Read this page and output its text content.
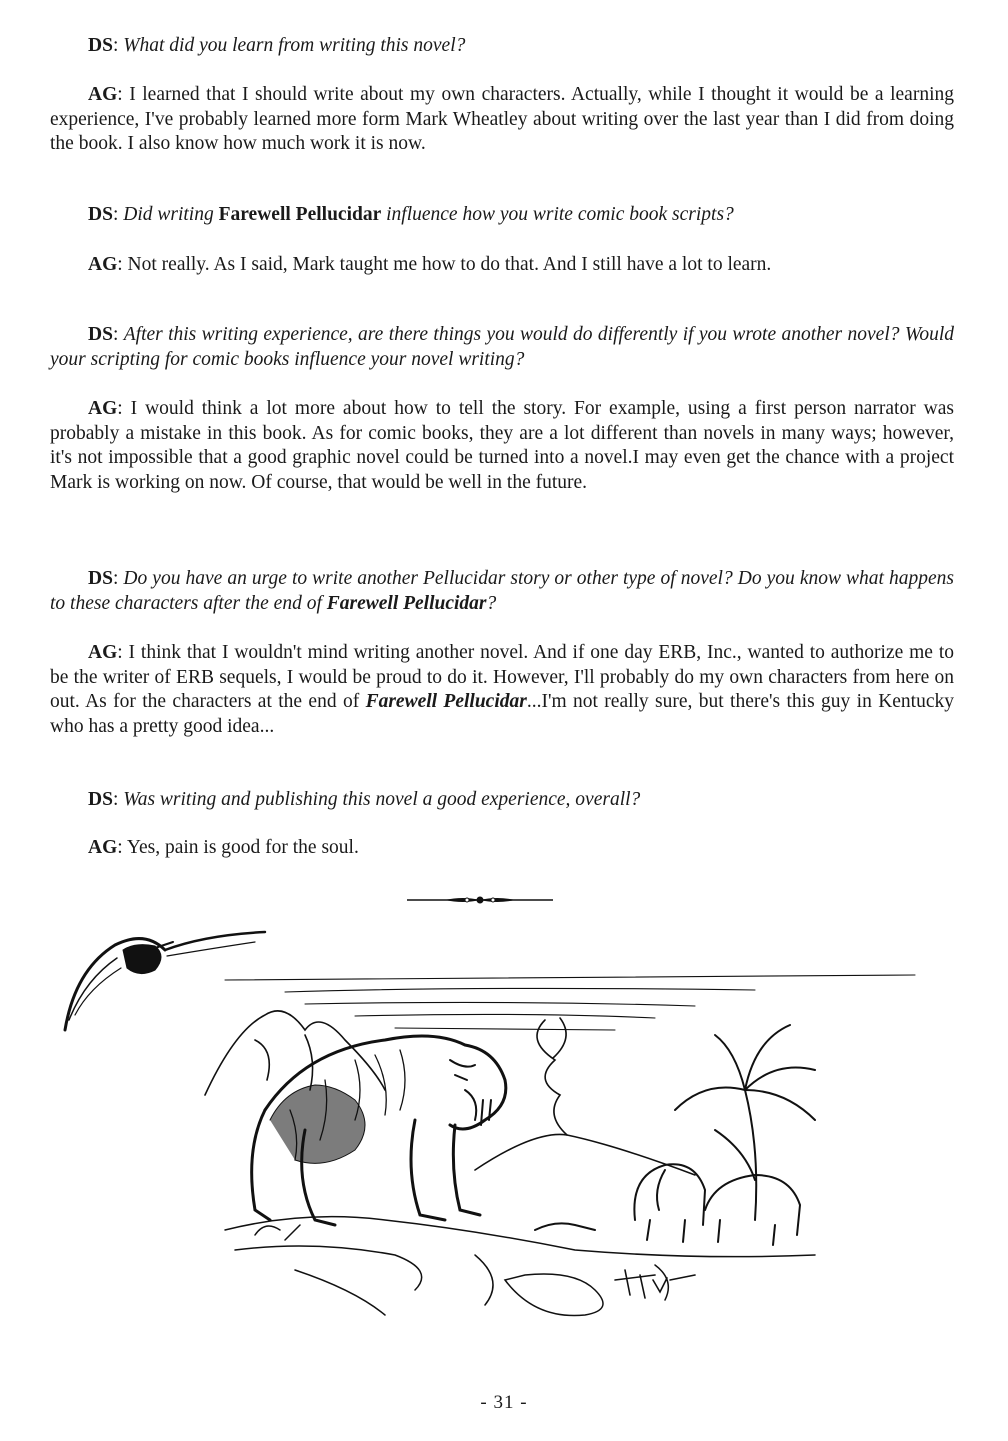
DS: What did you learn from writing this novel?

AG: I learned that I should write about my own characters. Actually, while I thought it would be a learning experience, I've probably learned more form Mark Wheatley about writing over the last year than I did from doing the book. I also know how much work it is now.

DS: Did writing Farewell Pellucidar influence how you write comic book scripts?

AG: Not really. As I said, Mark taught me how to do that. And I still have a lot to learn.

DS: After this writing experience, are there things you would do differently if you wrote another novel? Would your scripting for comic books influence your novel writing?

AG: I would think a lot more about how to tell the story. For example, using a first person narrator was probably a mistake in this book. As for comic books, they are a lot different than novels in many ways; however, it's not impossible that a good graphic novel could be turned into a novel.I may even get the chance with a project Mark is working on now. Of course, that would be well in the future.

DS: Do you have an urge to write another Pellucidar story or other type of novel? Do you know what happens to these characters after the end of Farewell Pellucidar?

AG: I think that I wouldn't mind writing another novel. And if one day ERB, Inc., wanted to authorize me to be the writer of ERB sequels, I would be proud to do it. However, I'll probably do my own characters from here on out. As for the characters at the end of Farewell Pellucidar...I'm not really sure, but there's this guy in Kentucky who has a pretty good idea...

DS: Was writing and publishing this novel a good experience, overall?

AG: Yes, pain is good for the soul.

- 31 -
